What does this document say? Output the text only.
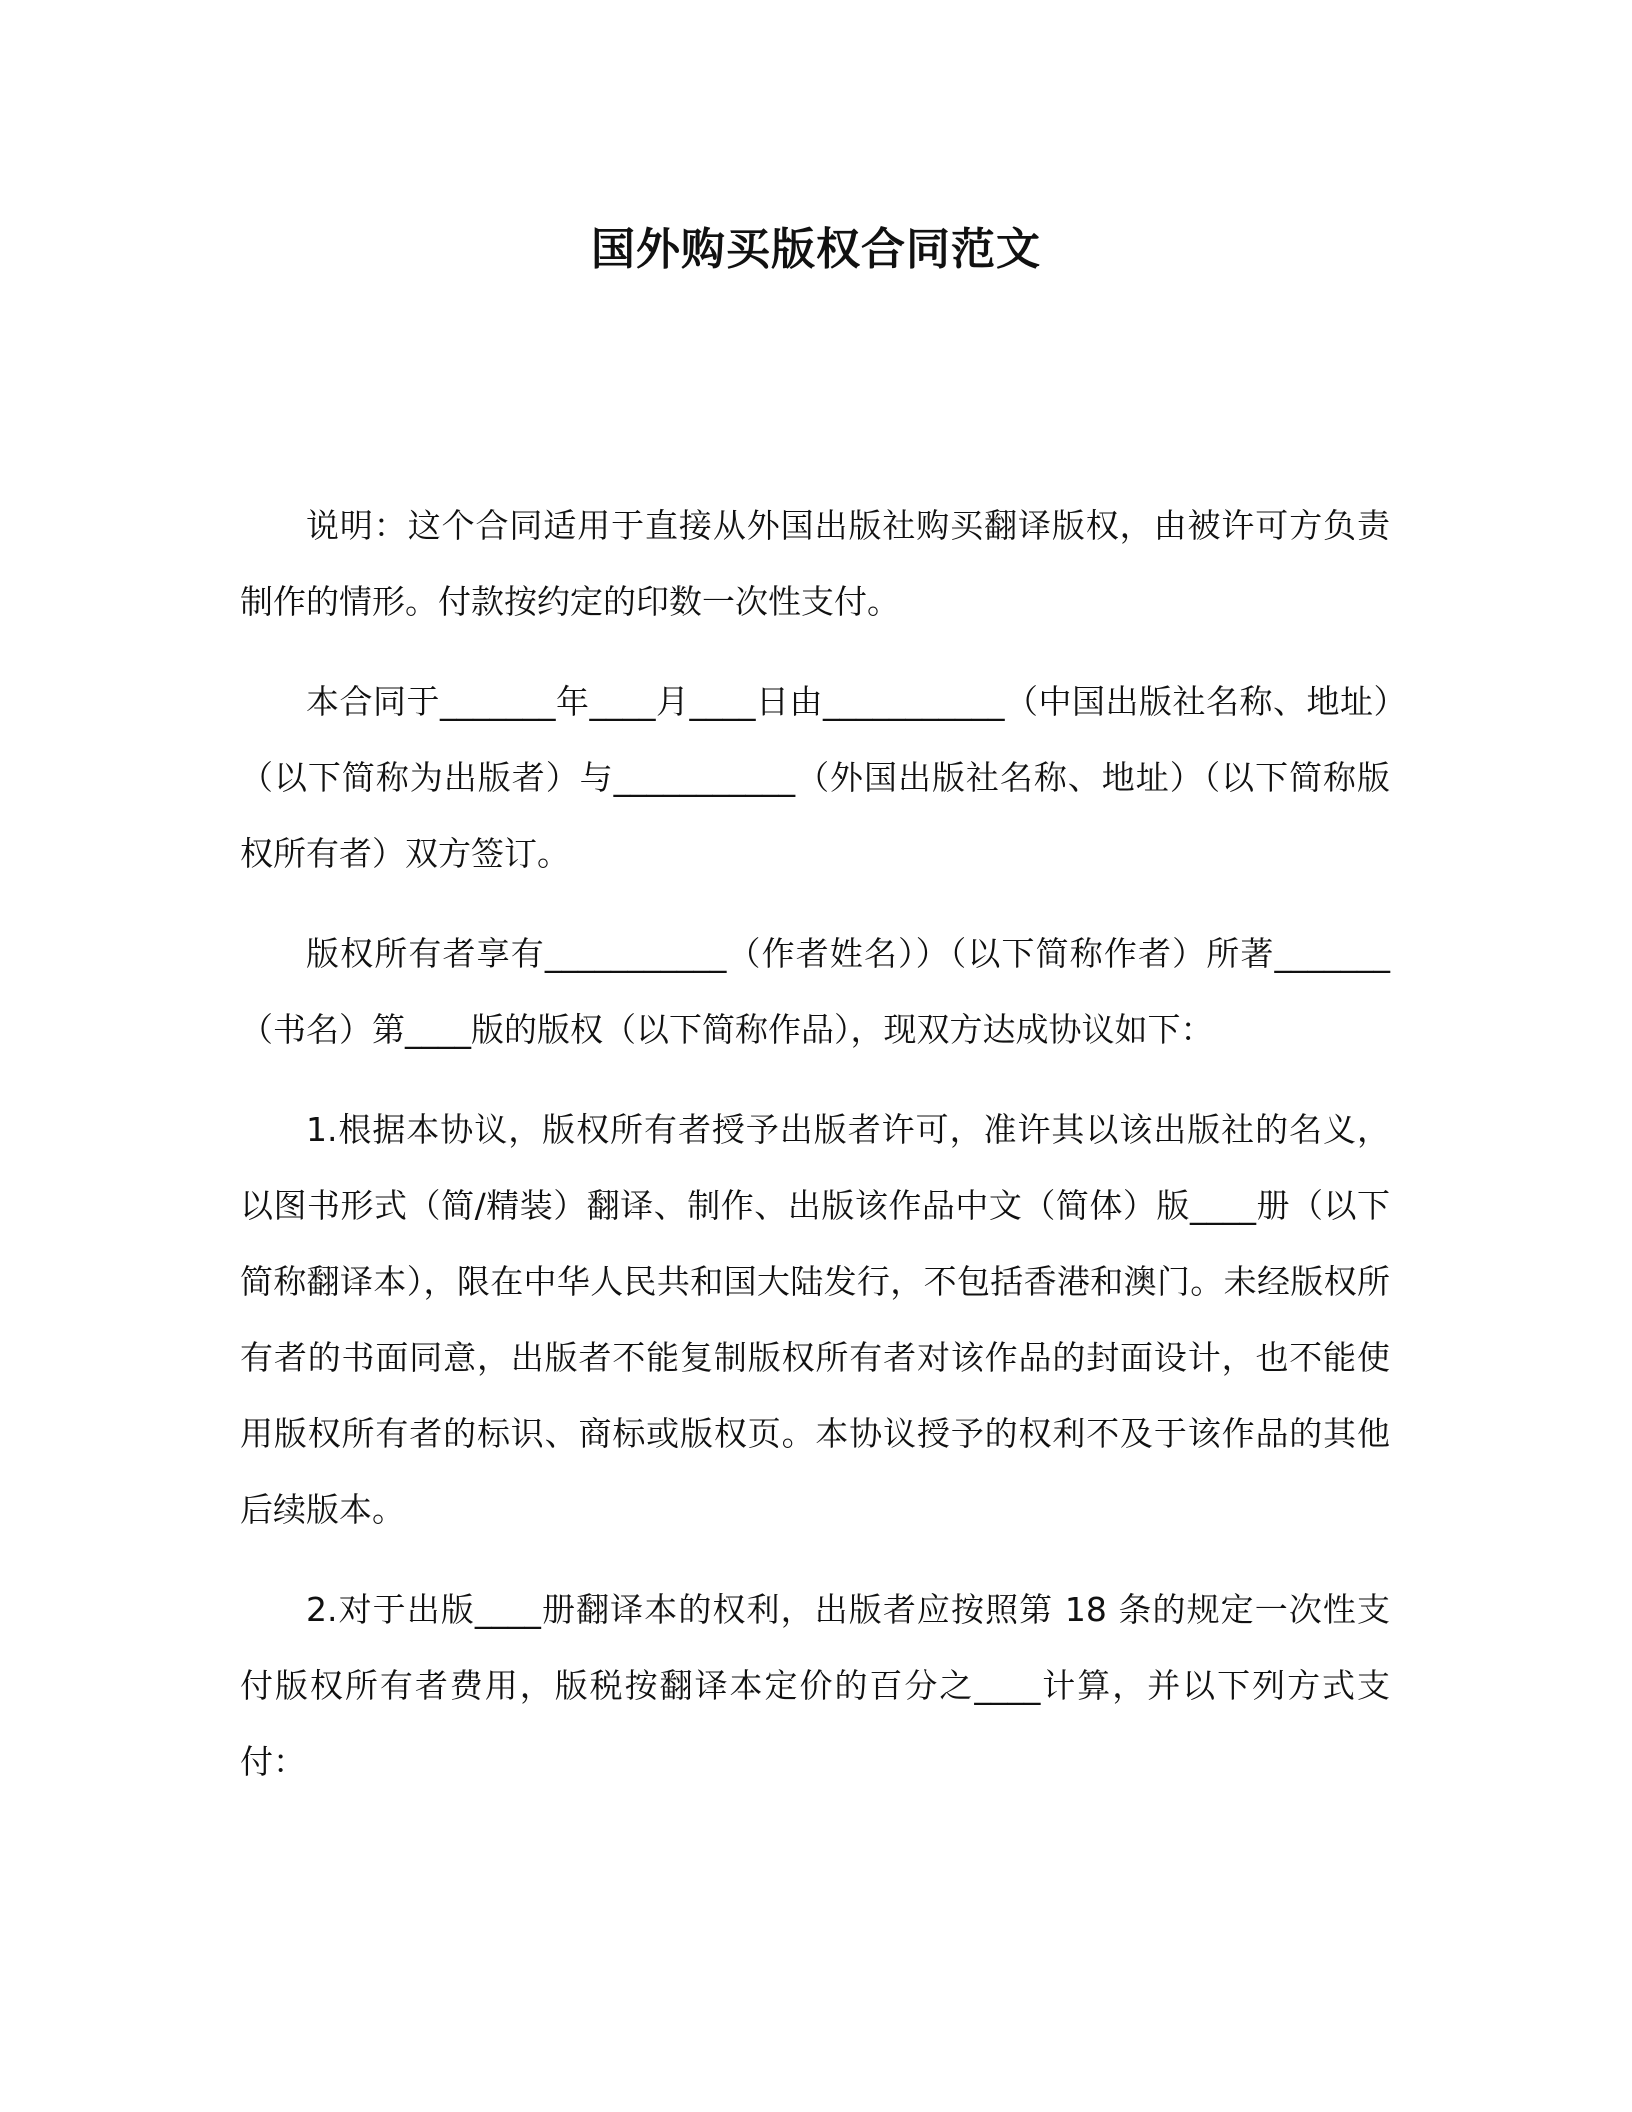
国外购买版权合同范文

说明：这个合同适用于直接从外国出版社购买翻译版权，由被许可方负责制作的情形。付款按约定的印数一次性支付。

本合同于_______年____月____日由___________（中国出版社名称、地址）（以下简称为出版者）与___________（外国出版社名称、地址）（以下简称版权所有者）双方签订。

版权所有者享有___________（作者姓名））（以下简称作者）所著_______（书名）第____版的版权（以下简称作品），现双方达成协议如下：

1.根据本协议，版权所有者授予出版者许可，准许其以该出版社的名义，以图书形式（简/精装）翻译、制作、出版该作品中文（简体）版____册（以下简称翻译本），限在中华人民共和国大陆发行，不包括香港和澳门。未经版权所有者的书面同意，出版者不能复制版权所有者对该作品的封面设计，也不能使用版权所有者的标识、商标或版权页。本协议授予的权利不及于该作品的其他后续版本。

2.对于出版____册翻译本的权利，出版者应按照第 18 条的规定一次性支付版权所有者费用，版税按翻译本定价的百分之____计算，并以下列方式支付：
